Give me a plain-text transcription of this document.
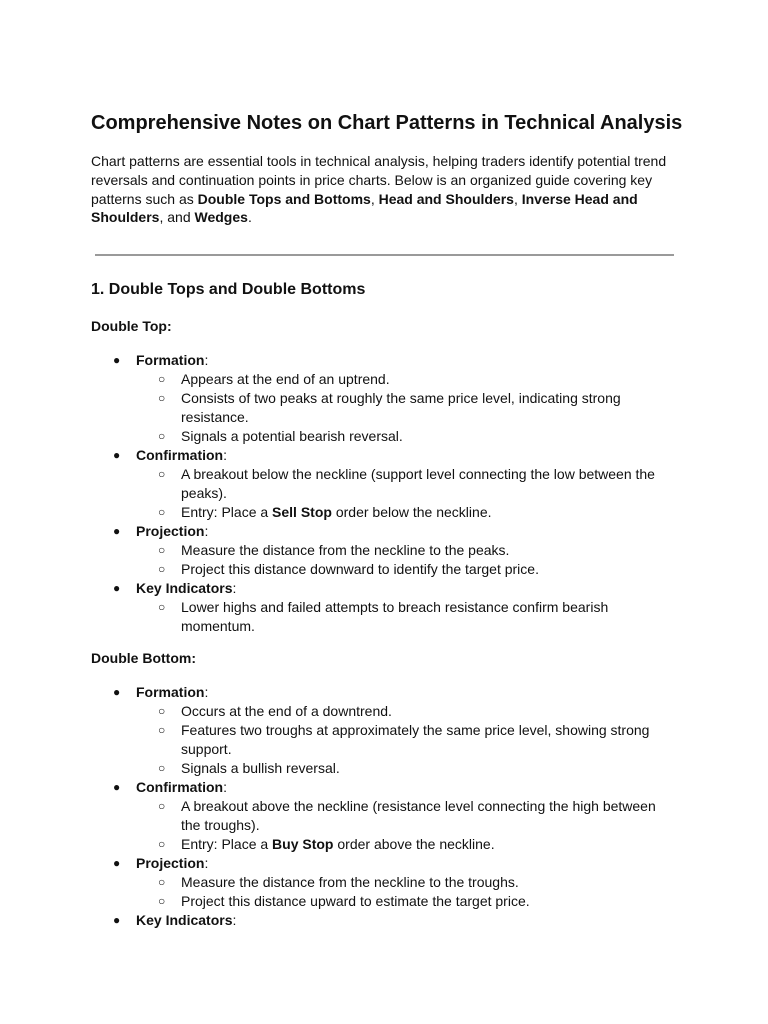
Comprehensive Notes on Chart Patterns in Technical Analysis

Chart patterns are essential tools in technical analysis, helping traders identify potential trend reversals and continuation points in price charts. Below is an organized guide covering key patterns such as Double Tops and Bottoms, Head and Shoulders, Inverse Head and Shoulders, and Wedges.

1. Double Tops and Double Bottoms
Double Top:
●	Formation:
○	Appears at the end of an uptrend.
○	Consists of two peaks at roughly the same price level, indicating strong resistance.
○	Signals a potential bearish reversal.
●	Confirmation:
○	A breakout below the neckline (support level connecting the low between the peaks).
○	Entry: Place a Sell Stop order below the neckline.
●	Projection:
○	Measure the distance from the neckline to the peaks.
○	Project this distance downward to identify the target price.
●	Key Indicators:
○	Lower highs and failed attempts to breach resistance confirm bearish momentum.
Double Bottom:
●	Formation:
○	Occurs at the end of a downtrend.
○	Features two troughs at approximately the same price level, showing strong support.
○	Signals a bullish reversal.
●	Confirmation:
○	A breakout above the neckline (resistance level connecting the high between the troughs).
○	Entry: Place a Buy Stop order above the neckline.
●	Projection:
○	Measure the distance from the neckline to the troughs.
○	Project this distance upward to estimate the target price.
●	Key Indicators:
